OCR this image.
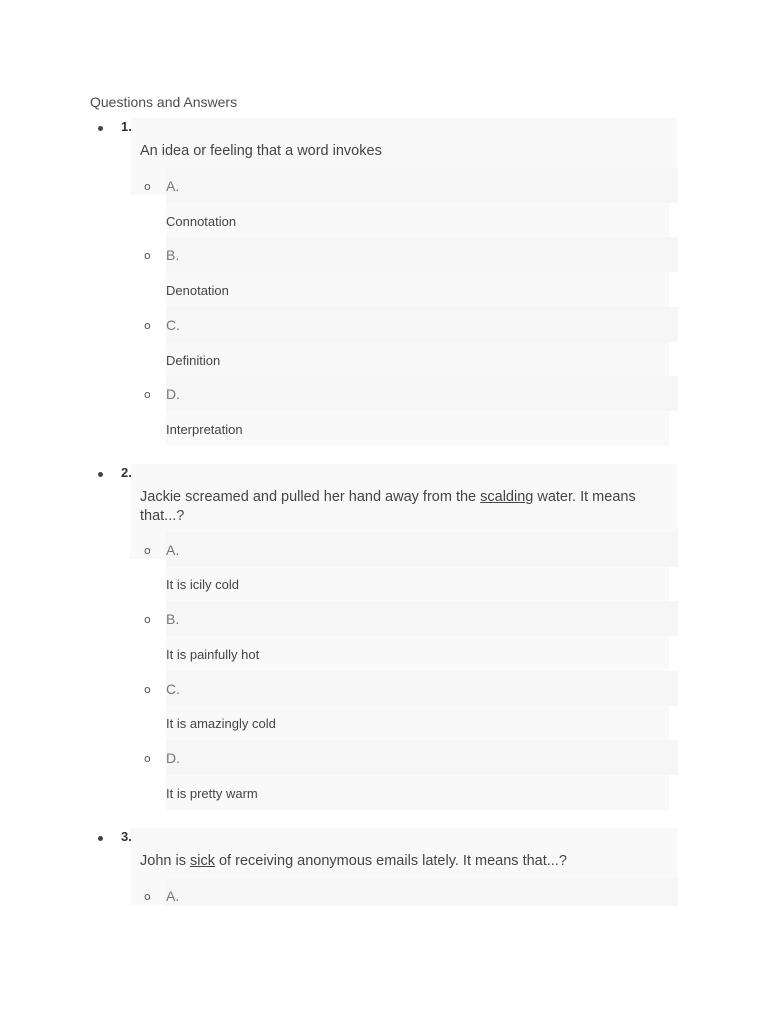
Questions and Answers
1.
An idea or feeling that a word invokes
o A.
Connotation
o B.
Denotation
o C.
Definition
o D.
Interpretation
2.
Jackie screamed and pulled her hand away from the scalding water. It means that...?
o A.
It is icily cold
o B.
It is painfully hot
o C.
It is amazingly cold
o D.
It is pretty warm
3.
John is sick of receiving anonymous emails lately. It means that...?
o A.
